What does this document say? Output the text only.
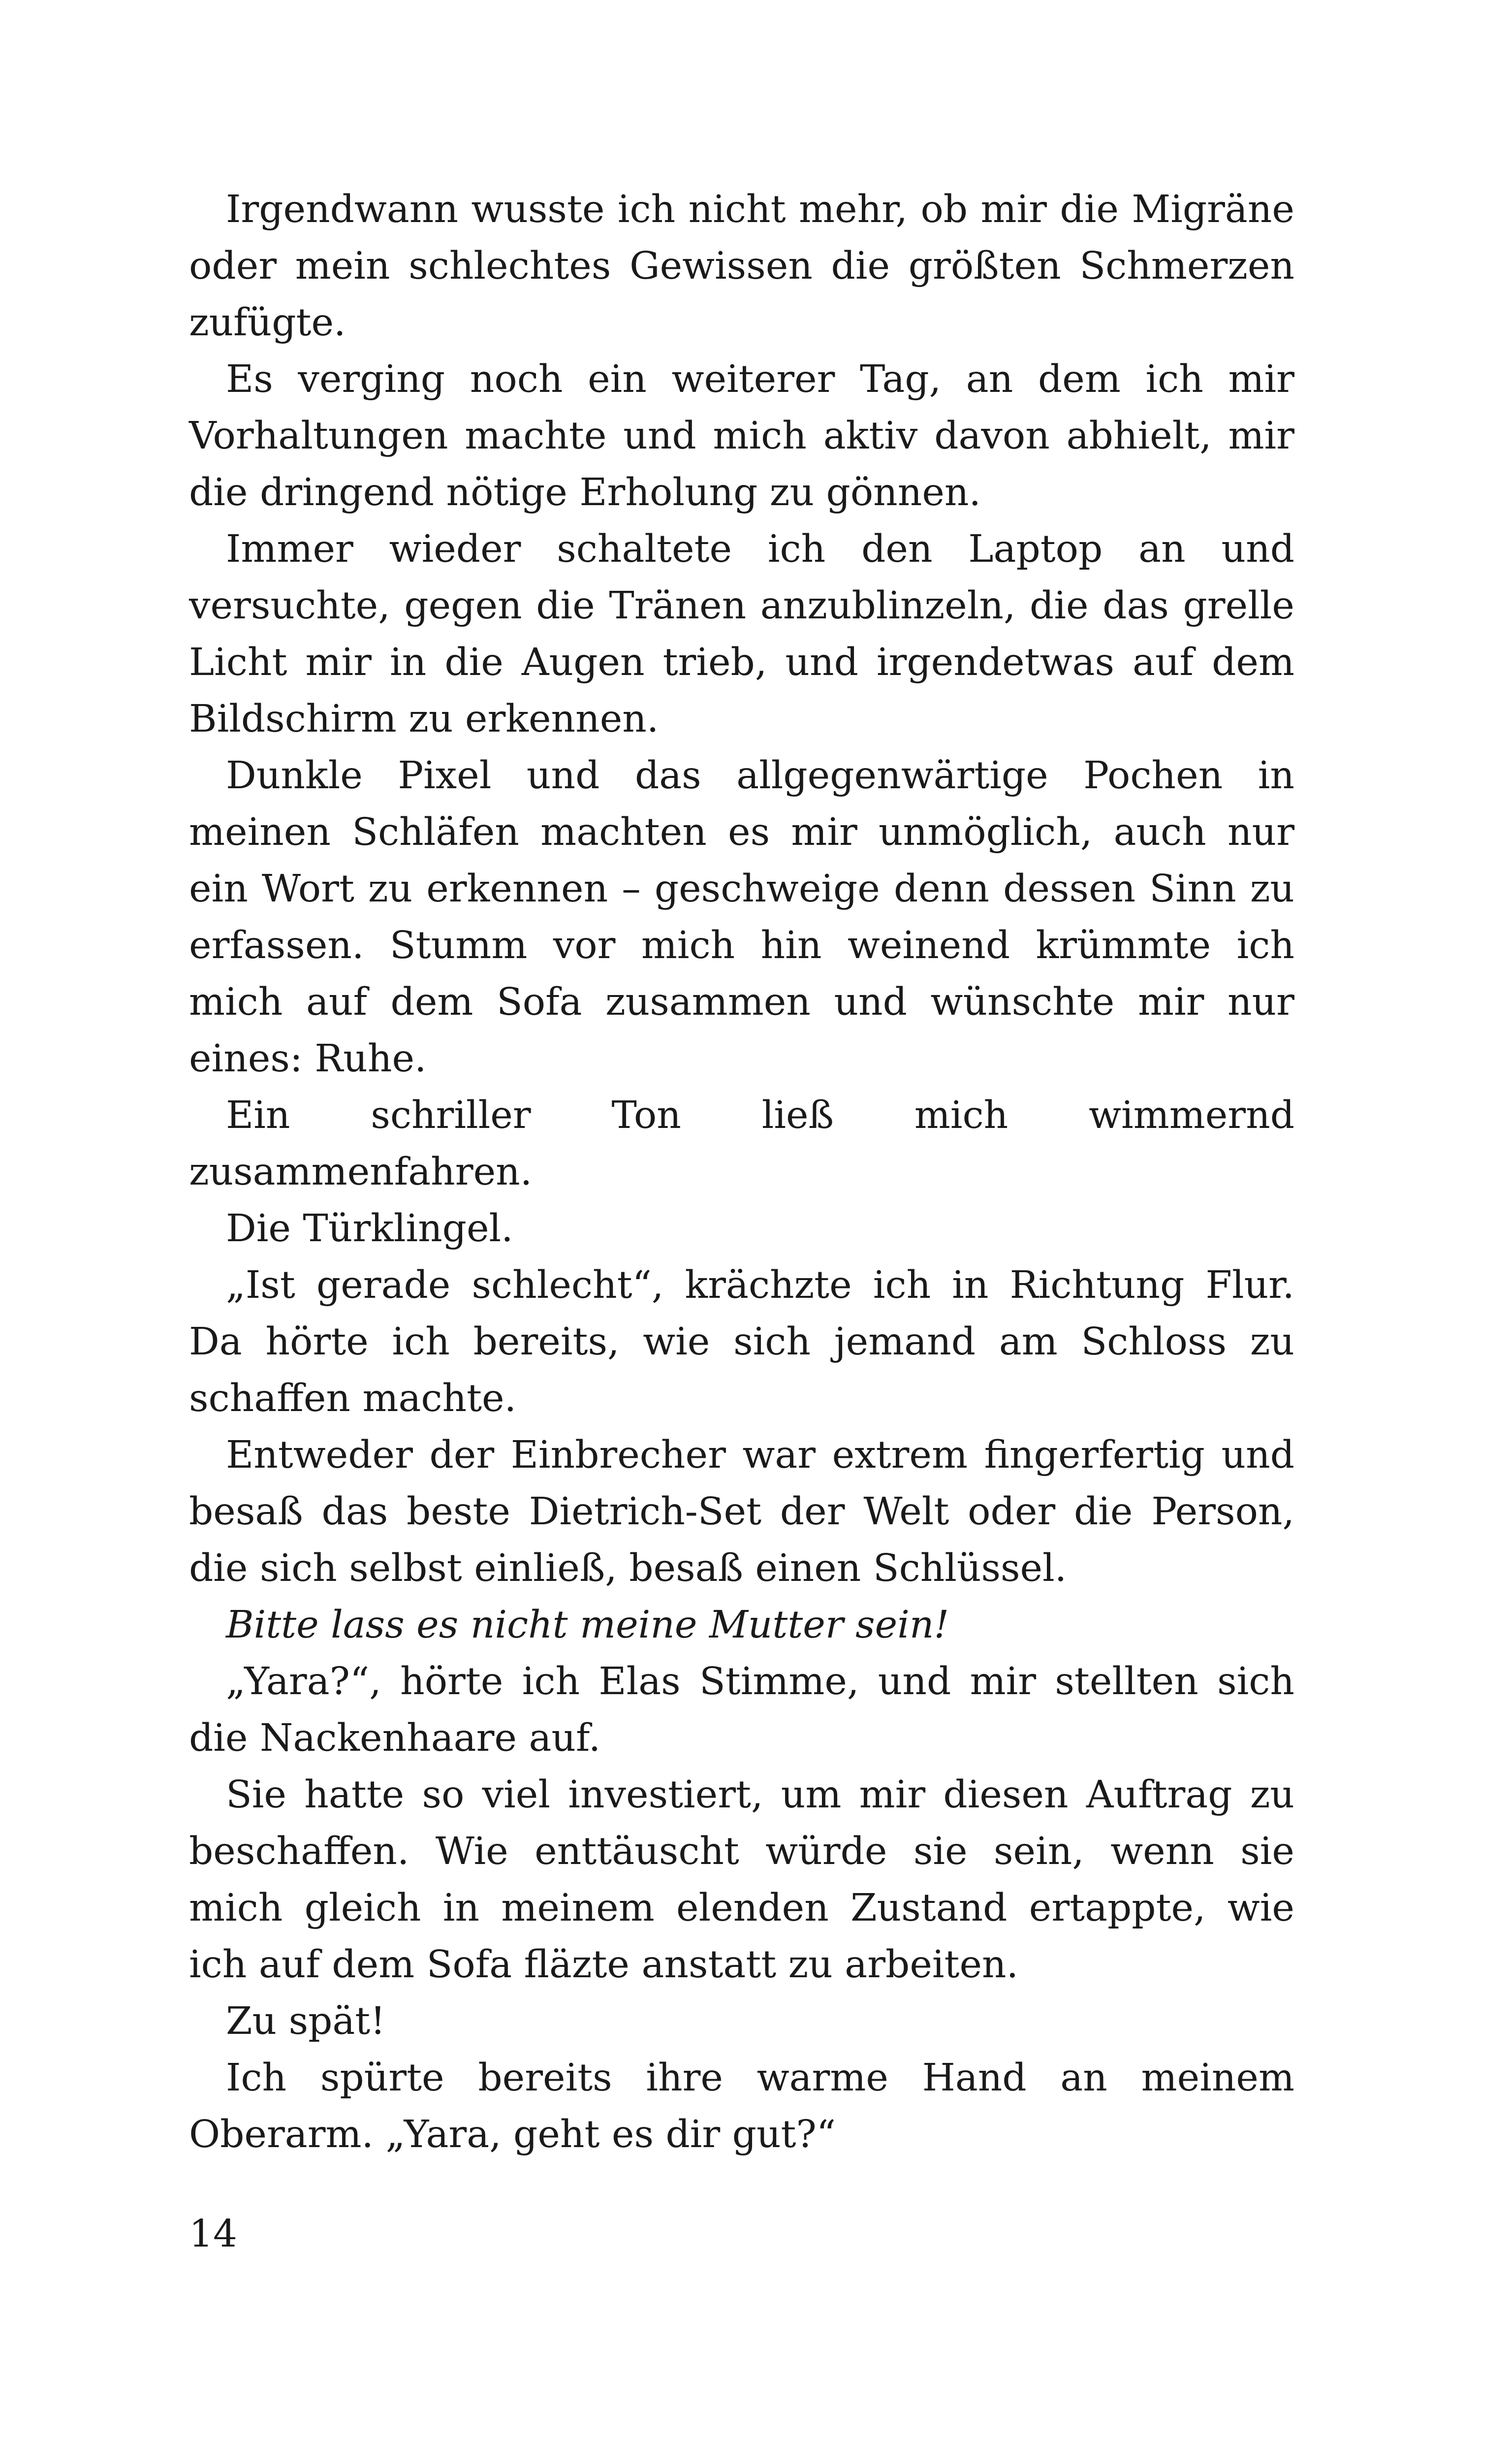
Irgendwann wusste ich nicht mehr, ob mir die Migräne oder mein schlechtes Gewissen die größten Schmerzen zufügte.

Es verging noch ein weiterer Tag, an dem ich mir Vorhaltungen machte und mich aktiv davon abhielt, mir die dringend nötige Erholung zu gönnen.

Immer wieder schaltete ich den Laptop an und versuchte, gegen die Tränen anzublinzeln, die das grelle Licht mir in die Augen trieb, und irgendetwas auf dem Bildschirm zu erkennen.

Dunkle Pixel und das allgegenwärtige Pochen in meinen Schläfen machten es mir unmöglich, auch nur ein Wort zu erkennen – geschweige denn dessen Sinn zu erfassen. Stumm vor mich hin weinend krümmte ich mich auf dem Sofa zusammen und wünschte mir nur eines: Ruhe.

Ein schriller Ton ließ mich wimmernd zusammenfahren.

Die Türklingel.

„Ist gerade schlecht“, krächzte ich in Richtung Flur. Da hörte ich bereits, wie sich jemand am Schloss zu schaffen machte.

Entweder der Einbrecher war extrem fingerfertig und besaß das beste Dietrich-Set der Welt oder die Person, die sich selbst einließ, besaß einen Schlüssel.

Bitte lass es nicht meine Mutter sein!

„Yara?“, hörte ich Elas Stimme, und mir stellten sich die Nackenhaare auf.

Sie hatte so viel investiert, um mir diesen Auftrag zu beschaffen. Wie enttäuscht würde sie sein, wenn sie mich gleich in meinem elenden Zustand ertappte, wie ich auf dem Sofa fläzte anstatt zu arbeiten.

Zu spät!

Ich spürte bereits ihre warme Hand an meinem Oberarm. „Yara, geht es dir gut?“

14
